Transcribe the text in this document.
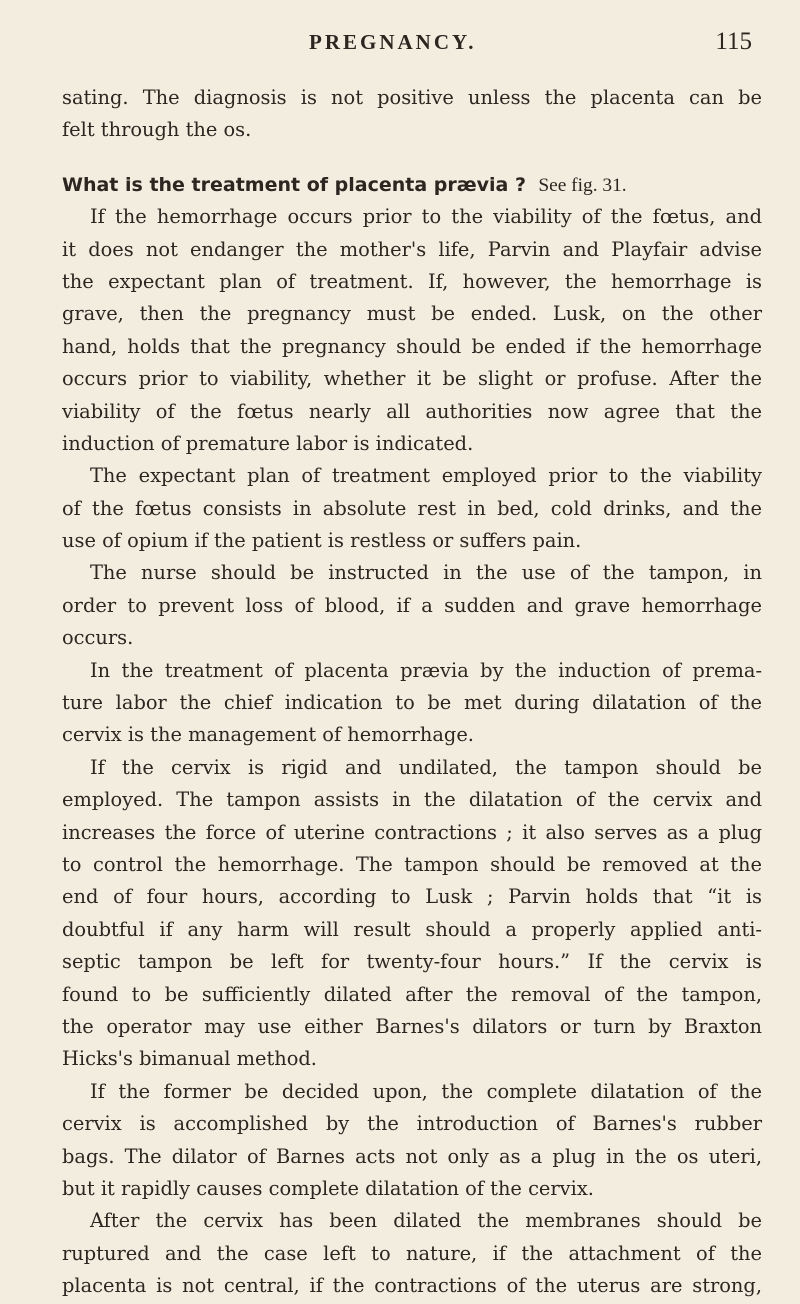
PREGNANCY.	115
sating. The diagnosis is not positive unless the placenta can be
felt through the os.
What is the treatment of placenta prævia ? See fig. 31.
If the hemorrhage occurs prior to the viability of the fœtus, and
it does not endanger the mother's life, Parvin and Playfair advise
the expectant plan of treatment. If, however, the hemorrhage is
grave, then the pregnancy must be ended. Lusk, on the other
hand, holds that the pregnancy should be ended if the hemorrhage
occurs prior to viability, whether it be slight or profuse. After the
viability of the fœtus nearly all authorities now agree that the
induction of premature labor is indicated.
The expectant plan of treatment employed prior to the viability
of the fœtus consists in absolute rest in bed, cold drinks, and the
use of opium if the patient is restless or suffers pain.
The nurse should be instructed in the use of the tampon, in
order to prevent loss of blood, if a sudden and grave hemorrhage
occurs.
In the treatment of placenta prævia by the induction of prema-
ture labor the chief indication to be met during dilatation of the
cervix is the management of hemorrhage.
If the cervix is rigid and undilated, the tampon should be
employed. The tampon assists in the dilatation of the cervix and
increases the force of uterine contractions ; it also serves as a plug
to control the hemorrhage. The tampon should be removed at the
end of four hours, according to Lusk ; Parvin holds that “it is
doubtful if any harm will result should a properly applied anti-
septic tampon be left for twenty-four hours.” If the cervix is
found to be sufficiently dilated after the removal of the tampon,
the operator may use either Barnes's dilators or turn by Braxton
Hicks's bimanual method.
If the former be decided upon, the complete dilatation of the
cervix is accomplished by the introduction of Barnes's rubber
bags. The dilator of Barnes acts not only as a plug in the os uteri,
but it rapidly causes complete dilatation of the cervix.
After the cervix has been dilated the membranes should be
ruptured and the case left to nature, if the attachment of the
placenta is not central, if the contractions of the uterus are strong,
